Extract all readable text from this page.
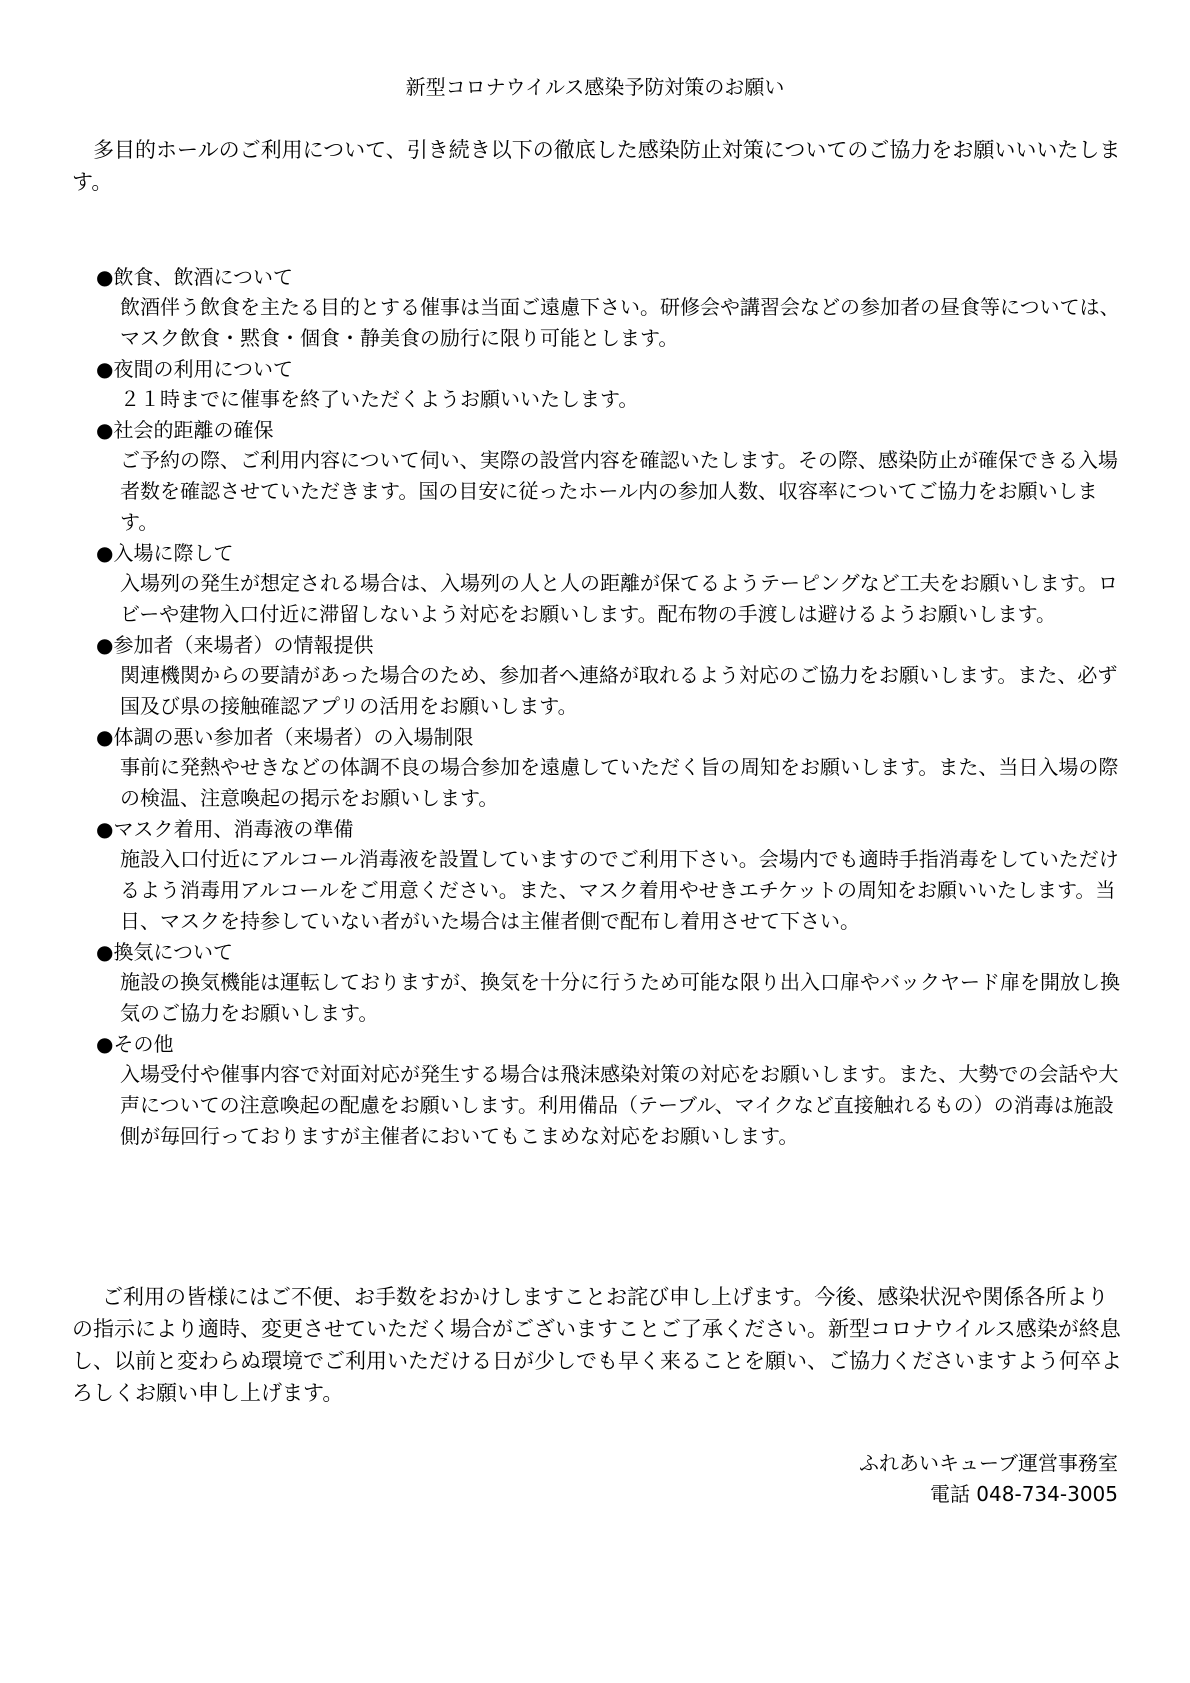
新型コロナウイルス感染予防対策のお願い

多目的ホールのご利用について、引き続き以下の徹底した感染防止対策についてのご協力をお願いいいたします。

●飲食、飲酒について

飲酒伴う飲食を主たる目的とする催事は当面ご遠慮下さい。研修会や講習会などの参加者の昼食等については、マスク飲食・黙食・個食・静美食の励行に限り可能とします。

●夜間の利用について

２１時までに催事を終了いただくようお願いいたします。

●社会的距離の確保

ご予約の際、ご利用内容について伺い、実際の設営内容を確認いたします。その際、感染防止が確保できる入場者数を確認させていただきます。国の目安に従ったホール内の参加人数、収容率についてご協力をお願いします。

●入場に際して

入場列の発生が想定される場合は、入場列の人と人の距離が保てるようテーピングなど工夫をお願いします。ロビーや建物入口付近に滞留しないよう対応をお願いします。配布物の手渡しは避けるようお願いします。

●参加者（来場者）の情報提供

関連機関からの要請があった場合のため、参加者へ連絡が取れるよう対応のご協力をお願いします。また、必ず国及び県の接触確認アプリの活用をお願いします。

●体調の悪い参加者（来場者）の入場制限

事前に発熱やせきなどの体調不良の場合参加を遠慮していただく旨の周知をお願いします。また、当日入場の際の検温、注意喚起の掲示をお願いします。

●マスク着用、消毒液の準備

施設入口付近にアルコール消毒液を設置していますのでご利用下さい。会場内でも適時手指消毒をしていただけるよう消毒用アルコールをご用意ください。また、マスク着用やせきエチケットの周知をお願いいたします。当日、マスクを持参していない者がいた場合は主催者側で配布し着用させて下さい。

●換気について

施設の換気機能は運転しておりますが、換気を十分に行うため可能な限り出入口扉やバックヤード扉を開放し換気のご協力をお願いします。

●その他

入場受付や催事内容で対面対応が発生する場合は飛沫感染対策の対応をお願いします。また、大勢での会話や大声についての注意喚起の配慮をお願いします。利用備品（テーブル、マイクなど直接触れるもの）の消毒は施設側が毎回行っておりますが主催者においてもこまめな対応をお願いします。

ご利用の皆様にはご不便、お手数をおかけしますことお詫び申し上げます。今後、感染状況や関係各所よりの指示により適時、変更させていただく場合がございますことご了承ください。新型コロナウイルス感染が終息し、以前と変わらぬ環境でご利用いただける日が少しでも早く来ることを願い、ご協力くださいますよう何卒よろしくお願い申し上げます。

ふれあいキューブ運営事務室
電話 048-734-3005
